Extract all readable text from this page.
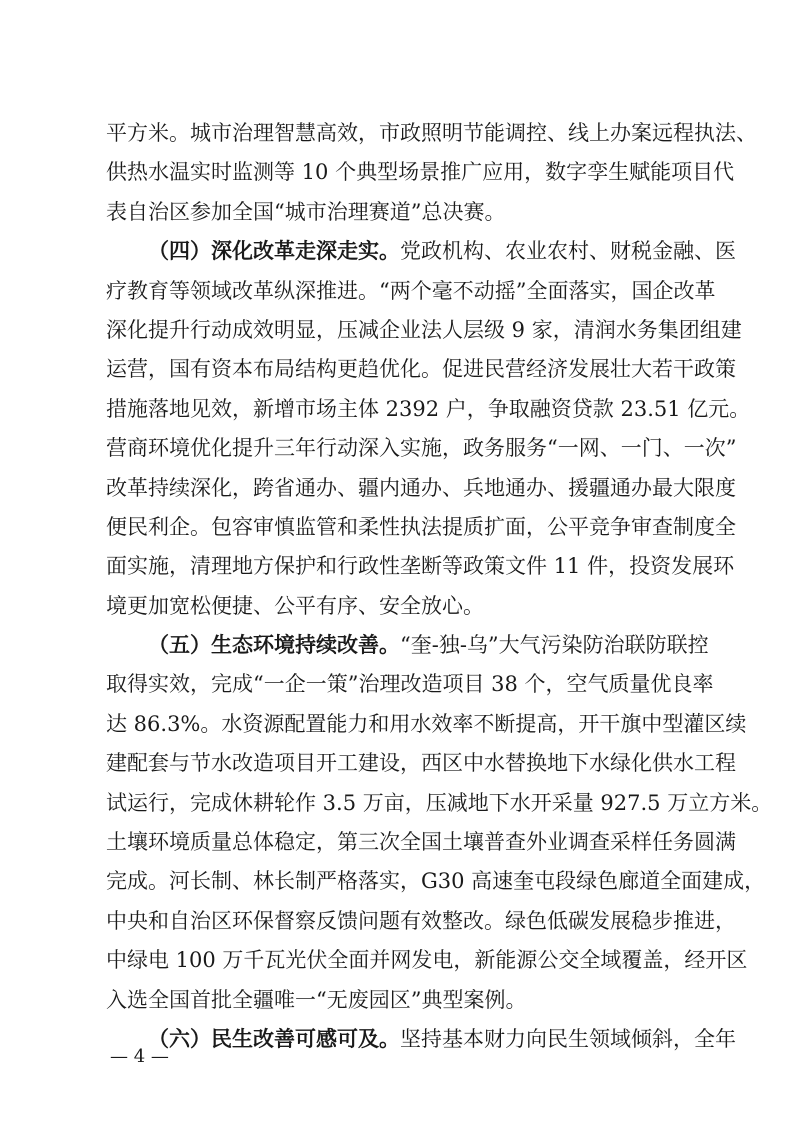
平方米。城市治理智慧高效，市政照明节能调控、线上办案远程执法、
供热水温实时监测等 10 个典型场景推广应用，数字孪生赋能项目代
表自治区参加全国“城市治理赛道”总决赛。
（四）深化改革走深走实。党政机构、农业农村、财税金融、医
疗教育等领域改革纵深推进。“两个毫不动摇”全面落实，国企改革
深化提升行动成效明显，压减企业法人层级 9 家，清润水务集团组建
运营，国有资本布局结构更趋优化。促进民营经济发展壮大若干政策
措施落地见效，新增市场主体 2392 户，争取融资贷款 23.51 亿元。
营商环境优化提升三年行动深入实施，政务服务“一网、一门、一次”
改革持续深化，跨省通办、疆内通办、兵地通办、援疆通办最大限度
便民利企。包容审慎监管和柔性执法提质扩面，公平竞争审查制度全
面实施，清理地方保护和行政性垄断等政策文件 11 件，投资发展环
境更加宽松便捷、公平有序、安全放心。
（五）生态环境持续改善。“奎-独-乌”大气污染防治联防联控
取得实效，完成“一企一策”治理改造项目 38 个，空气质量优良率
达 86.3%。水资源配置能力和用水效率不断提高，开干旗中型灌区续
建配套与节水改造项目开工建设，西区中水替换地下水绿化供水工程
试运行，完成休耕轮作 3.5 万亩，压减地下水开采量 927.5 万立方米。
土壤环境质量总体稳定，第三次全国土壤普查外业调查采样任务圆满
完成。河长制、林长制严格落实，G30 高速奎屯段绿色廊道全面建成，
中央和自治区环保督察反馈问题有效整改。绿色低碳发展稳步推进，
中绿电 100 万千瓦光伏全面并网发电，新能源公交全域覆盖，经开区
入选全国首批全疆唯一“无废园区”典型案例。
（六）民生改善可感可及。坚持基本财力向民生领域倾斜，全年
— 4 —
